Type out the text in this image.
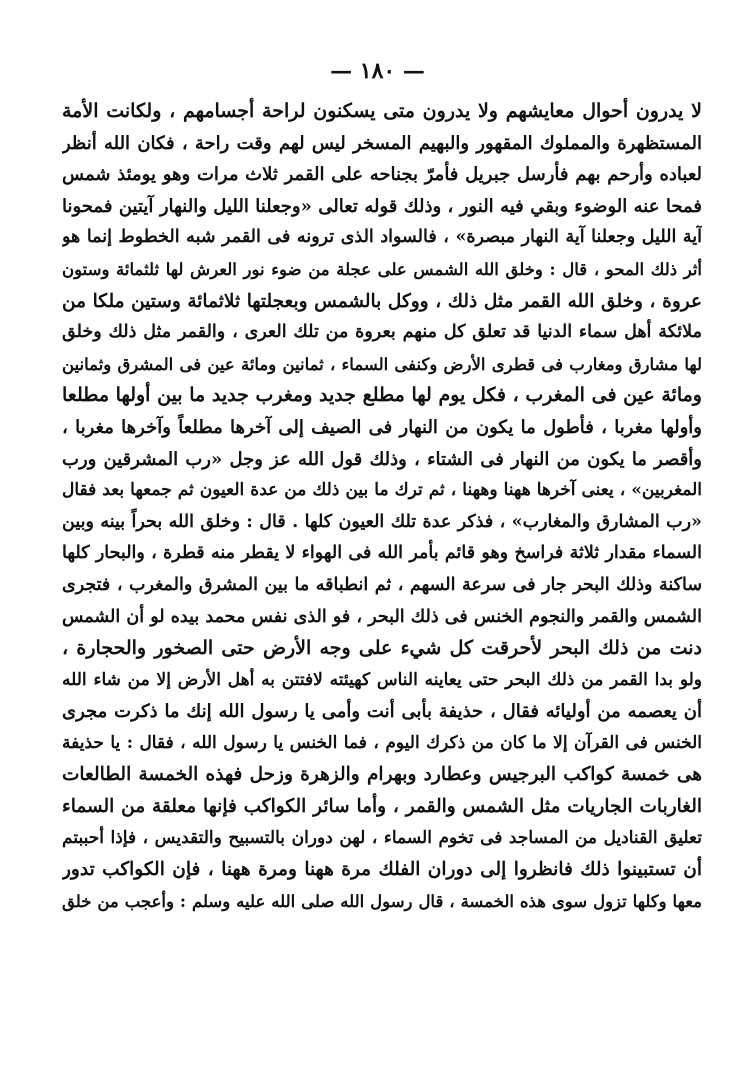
— ١٨٠ —
لا يدرون أحوال معايشهم ولا يدرون متى يسكنون لراحة أجسامهم ، ولكانت الأمة
المستظهرة والمملوك المقهور والبهيم المسخر ليس لهم وقت راحة ، فكان الله أنظر
لعباده وأرحم بهم فأرسل جبريل فأمرّ بجناحه على القمر ثلاث مرات وهو يومئذ شمس
فمحا عنه الوضوء وبقي فيه النور ، وذلك قوله تعالى «وجعلنا الليل والنهار آيتين فمحونا
آية الليل وجعلنا آية النهار مبصرة» ، فالسواد الذى ترونه فى القمر شبه الخطوط إنما هو
أثر ذلك المحو ، قال : وخلق الله الشمس على عجلة من ضوء نور العرش لها ثلثمائة وستون
عروة ، وخلق الله القمر مثل ذلك ، ووكل بالشمس وبعجلتها ثلاثمائة وستين ملكا من
ملائكة أهل سماء الدنيا قد تعلق كل منهم بعروة من تلك العرى ، والقمر مثل ذلك وخلق
لها مشارق ومغارب فى قطرى الأرض وكنفى السماء ، ثمانين ومائة عين فى المشرق وثمانين
ومائة عين فى المغرب ، فكل يوم لها مطلع جديد ومغرب جديد ما بين أولها مطلعا
وأولها مغربا ، فأطول ما يكون من النهار فى الصيف إلى آخرها مطلعاً وآخرها مغربا ،
وأقصر ما يكون من النهار فى الشتاء ، وذلك قول الله عز وجل «رب المشرقين ورب
المغربين» ، يعنى آخرها ههنا وههنا ، ثم ترك ما بين ذلك من عدة العيون ثم جمعها بعد فقال
«رب المشارق والمغارب» ، فذكر عدة تلك العيون كلها . قال : وخلق الله بحراً بينه وبين
السماء مقدار ثلاثة فراسخ وهو قائم بأمر الله فى الهواء لا يقطر منه قطرة ، والبحار كلها
ساكنة وذلك البحر جار فى سرعة السهم ، ثم انطباقه ما بين المشرق والمغرب ، فتجرى
الشمس والقمر والنجوم الخنس فى ذلك البحر ، فو الذى نفس محمد بيده لو أن الشمس
دنت من ذلك البحر لأحرقت كل شيء على وجه الأرض حتى الصخور والحجارة ،
ولو بدا القمر من ذلك البحر حتى يعاينه الناس كهيئته لافتتن به أهل الأرض إلا من شاء الله
أن يعصمه من أوليائه فقال ، حذيفة بأبى أنت وأمى يا رسول الله إنك ما ذكرت مجرى
الخنس فى القرآن إلا ما كان من ذكرك اليوم ، فما الخنس يا رسول الله ، فقال : يا حذيفة
هى خمسة كواكب البرجيس وعطارد وبهرام والزهرة وزحل فهذه الخمسة الطالعات
الغاربات الجاريات مثل الشمس والقمر ، وأما سائر الكواكب فإنها معلقة من السماء
تعليق القناديل من المساجد فى تخوم السماء ، لهن دوران بالتسبيح والتقديس ، فإذا أحببتم
أن تستبينوا ذلك فانظروا إلى دوران الفلك مرة ههنا ومرة ههنا ، فإن الكواكب تدور
معها وكلها تزول سوى هذه الخمسة ، قال رسول الله صلى الله عليه وسلم : وأعجب من خلق
